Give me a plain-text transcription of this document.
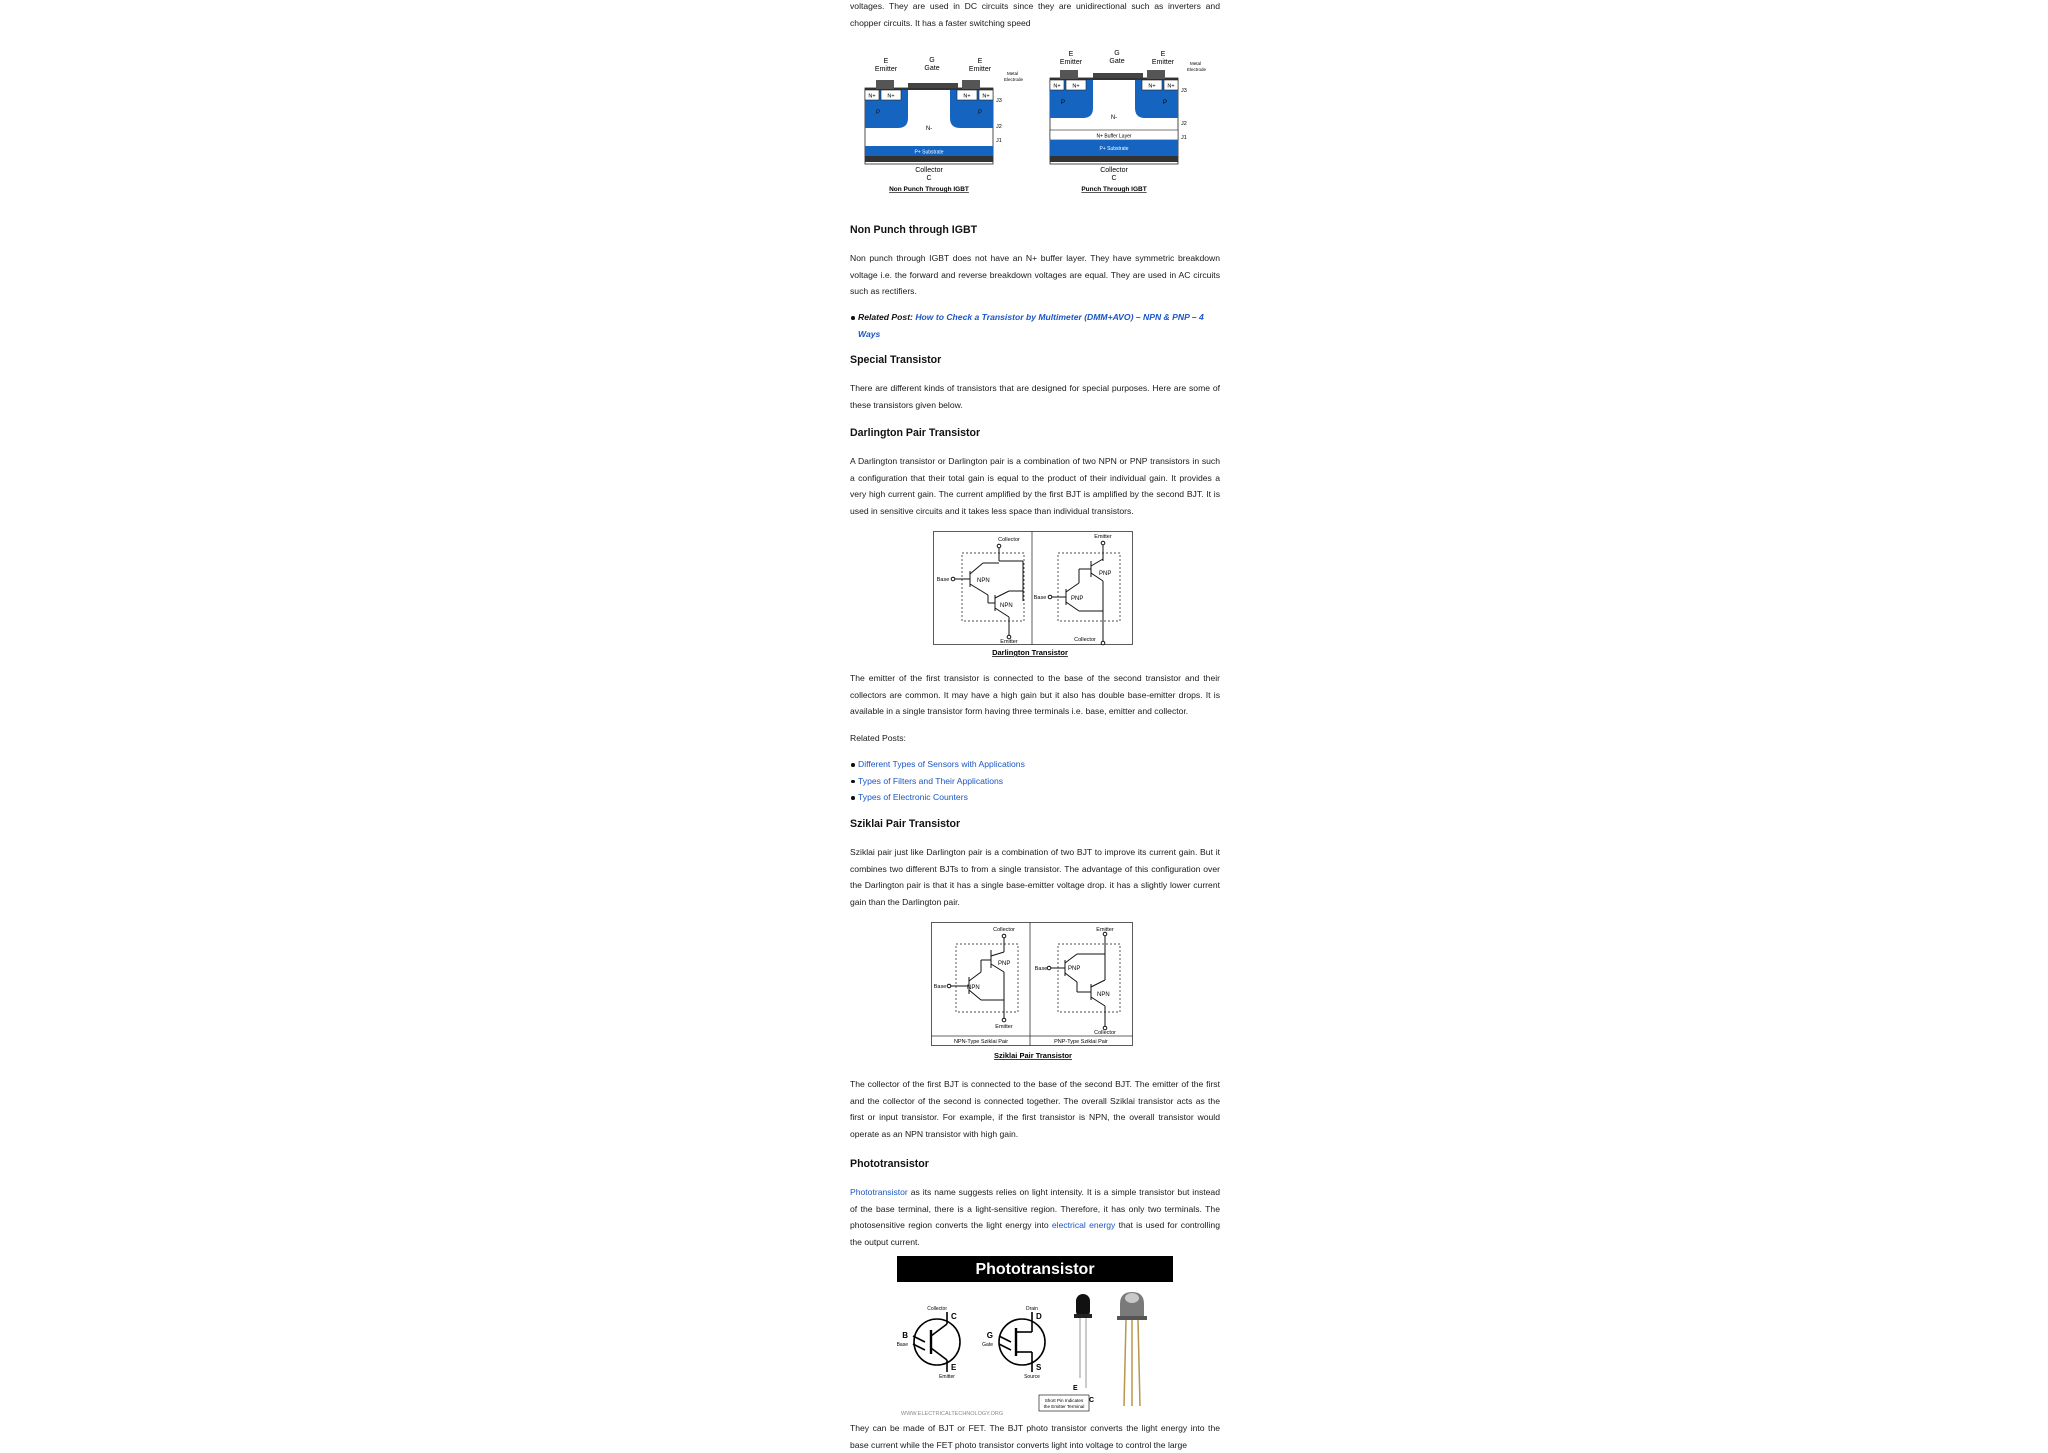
voltages. They are used in DC circuits since they are unidirectional such as inverters and chopper circuits. It has a faster switching speed

E
Emitter
G
Gate
E
Emitter
Metal
Electrode
N+ N+	N+ N+
P	P
N-
P+ Substrate
J3
J2
J1
Collector
C
Non Punch Through IGBT
E
Emitter
G
Gate
E
Emitter	Metal
Electrode
N+ N+	N+ N+
P	P
N-
N+ Buffer Layer
P+ Substrate
J3
J2
J1
Collector
C
Punch Through IGBT
Non Punch through IGBT

Non punch through IGBT does not have an N+ buffer layer. They have symmetric breakdown voltage i.e. the forward and reverse breakdown voltages are equal. They are used in AC circuits such as rectifiers.

Related Post: How to Check a Transistor by Multimeter (DMM+AVO) – NPN & PNP – 4 Ways
Special Transistor

There are different kinds of transistors that are designed for special purposes. Here are some of these transistors given below.

Darlington Pair Transistor

A Darlington transistor or Darlington pair is a combination of two NPN or PNP transistors in such a configuration that their total gain is equal to the product of their individual gain. It provides a very high current gain. The current amplified by the first BJT is amplified by the second BJT. It is used in sensitive circuits and it takes less space than individual transistors.

Collector
Base	NPN
NPN
Emitter
Emitter
Base
PNP
PNP
Collector
Darlington Transistor

The emitter of the first transistor is connected to the base of the second transistor and their collectors are common. It may have a high gain but it also has double base-emitter drops. It is available in a single transistor form having three terminals i.e. base, emitter and collector.

Related Posts:

Different Types of Sensors with Applications
Types of Filters and Their Applications
Types of Electronic Counters
Sziklai Pair Transistor

Sziklai pair just like Darlington pair is a combination of two BJT to improve its current gain. But it combines two different BJTs to from a single transistor. The advantage of this configuration over the Darlington pair is that it has a single base-emitter voltage drop. it has a slightly lower current gain than the Darlington pair.

Collector
Base	NPN
PNP
Emitter
NPN-Type Sziklai Pair
Emitter
Base	PNP
NPN
Collector
PNP-Type Sziklai Pair
Sziklai Pair Transistor

The collector of the first BJT is connected to the base of the second BJT. The emitter of the first and the collector of the second is connected together. The overall Sziklai transistor acts as the first or input transistor. For example, if the first transistor is NPN, the overall transistor would operate as an NPN transistor with high gain.

Phototransistor

Phototransistor as its name suggests relies on light intensity. It is a simple transistor but instead of the base terminal, there is a light-sensitive region. Therefore, it has only two terminals. The photosensitive region converts the light energy into electrical energy that is used for controlling the output current.

Phototransistor
Collector
C
B
Base
E
Emitter
Drain
D
G
Gate
S
Source
E
C
Short Pin Indicates
the Emitter Terminal
WWW.ELECTRICALTECHNOLOGY.ORG

They can be made of BJT or FET. The BJT photo transistor converts the light energy into the base current while the FET photo transistor converts light into voltage to control the large
